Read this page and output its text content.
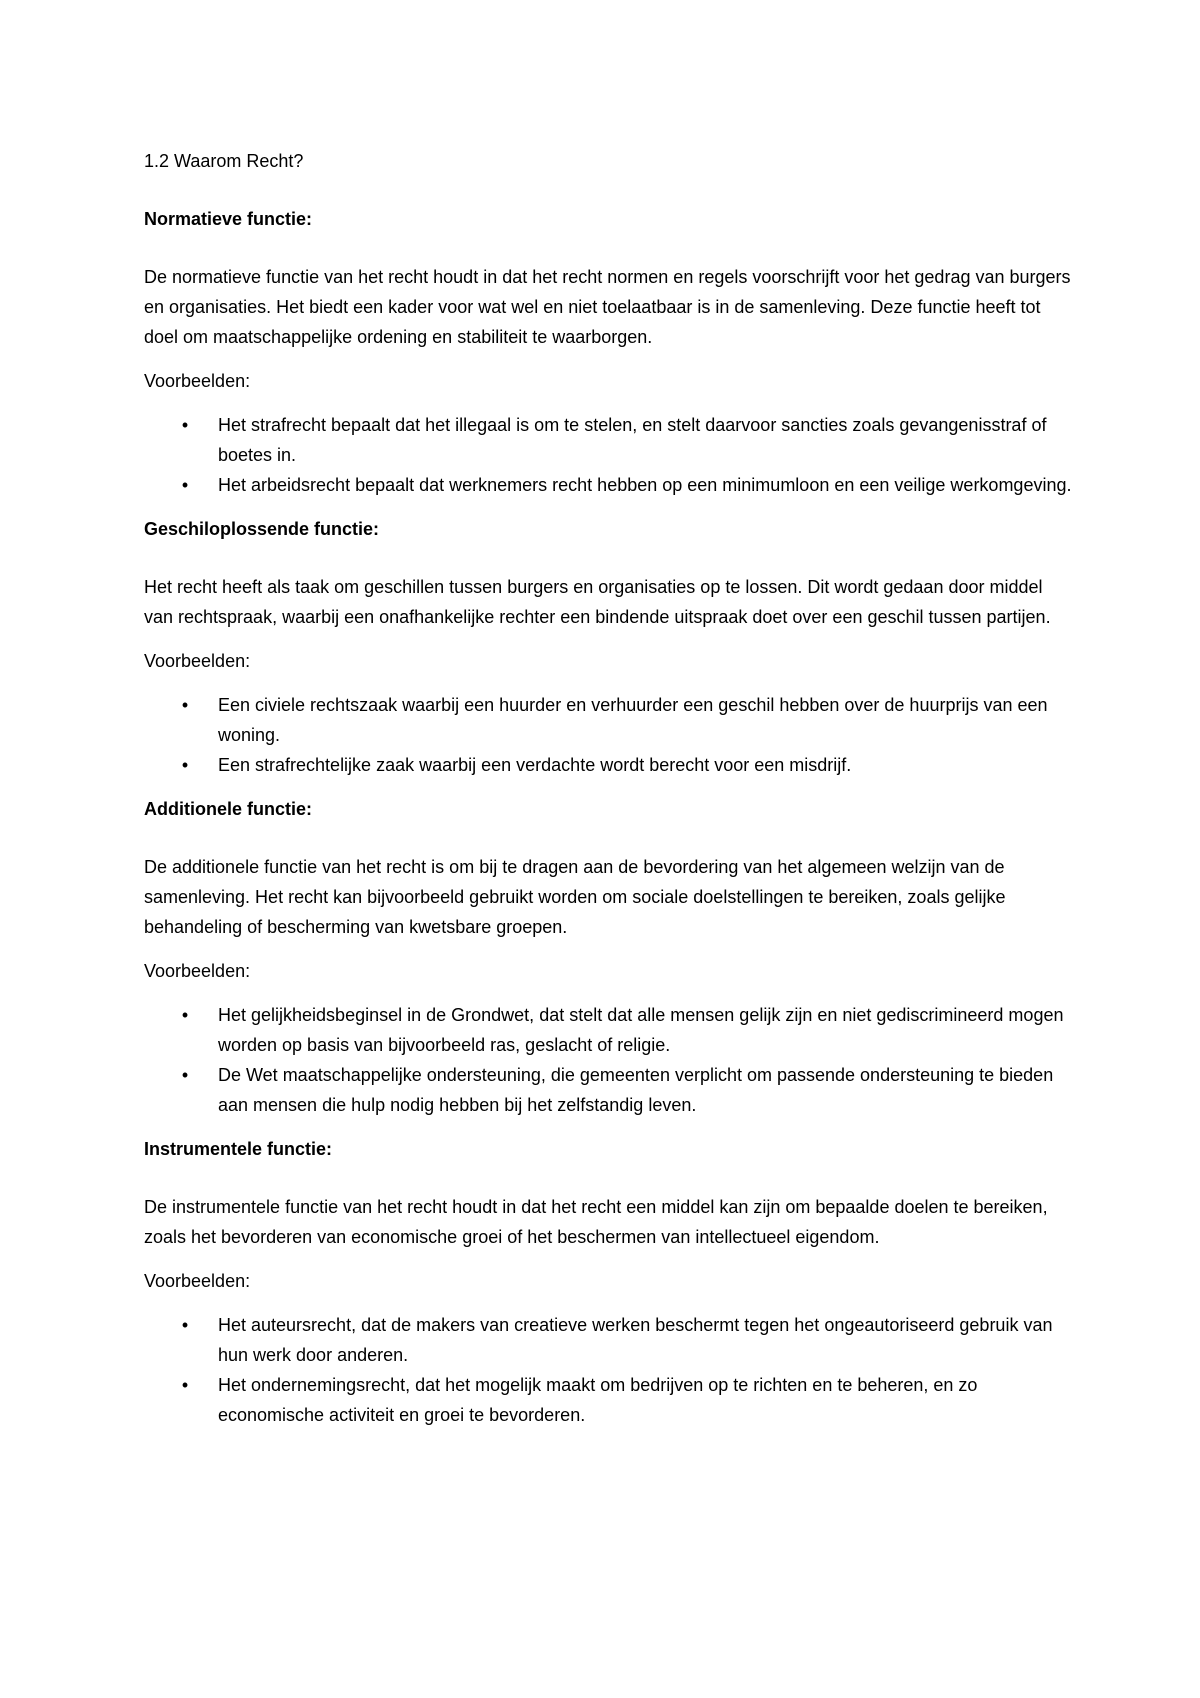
1.2 Waarom Recht?

Normatieve functie:

De normatieve functie van het recht houdt in dat het recht normen en regels voorschrijft voor het gedrag van burgers en organisaties. Het biedt een kader voor wat wel en niet toelaatbaar is in de samenleving. Deze functie heeft tot doel om maatschappelijke ordening en stabiliteit te waarborgen.

Voorbeelden:

• Het strafrecht bepaalt dat het illegaal is om te stelen, en stelt daarvoor sancties zoals gevangenisstraf of boetes in.
• Het arbeidsrecht bepaalt dat werknemers recht hebben op een minimumloon en een veilige werkomgeving.

Geschiloplossende functie:

Het recht heeft als taak om geschillen tussen burgers en organisaties op te lossen. Dit wordt gedaan door middel van rechtspraak, waarbij een onafhankelijke rechter een bindende uitspraak doet over een geschil tussen partijen.

Voorbeelden:

• Een civiele rechtszaak waarbij een huurder en verhuurder een geschil hebben over de huurprijs van een woning.
• Een strafrechtelijke zaak waarbij een verdachte wordt berecht voor een misdrijf.

Additionele functie:

De additionele functie van het recht is om bij te dragen aan de bevordering van het algemeen welzijn van de samenleving. Het recht kan bijvoorbeeld gebruikt worden om sociale doelstellingen te bereiken, zoals gelijke behandeling of bescherming van kwetsbare groepen.

Voorbeelden:

• Het gelijkheidsbeginsel in de Grondwet, dat stelt dat alle mensen gelijk zijn en niet gediscrimineerd mogen worden op basis van bijvoorbeeld ras, geslacht of religie.
• De Wet maatschappelijke ondersteuning, die gemeenten verplicht om passende ondersteuning te bieden aan mensen die hulp nodig hebben bij het zelfstandig leven.

Instrumentele functie:

De instrumentele functie van het recht houdt in dat het recht een middel kan zijn om bepaalde doelen te bereiken, zoals het bevorderen van economische groei of het beschermen van intellectueel eigendom.

Voorbeelden:

• Het auteursrecht, dat de makers van creatieve werken beschermt tegen het ongeautoriseerd gebruik van hun werk door anderen.
• Het ondernemingsrecht, dat het mogelijk maakt om bedrijven op te richten en te beheren, en zo economische activiteit en groei te bevorderen.
